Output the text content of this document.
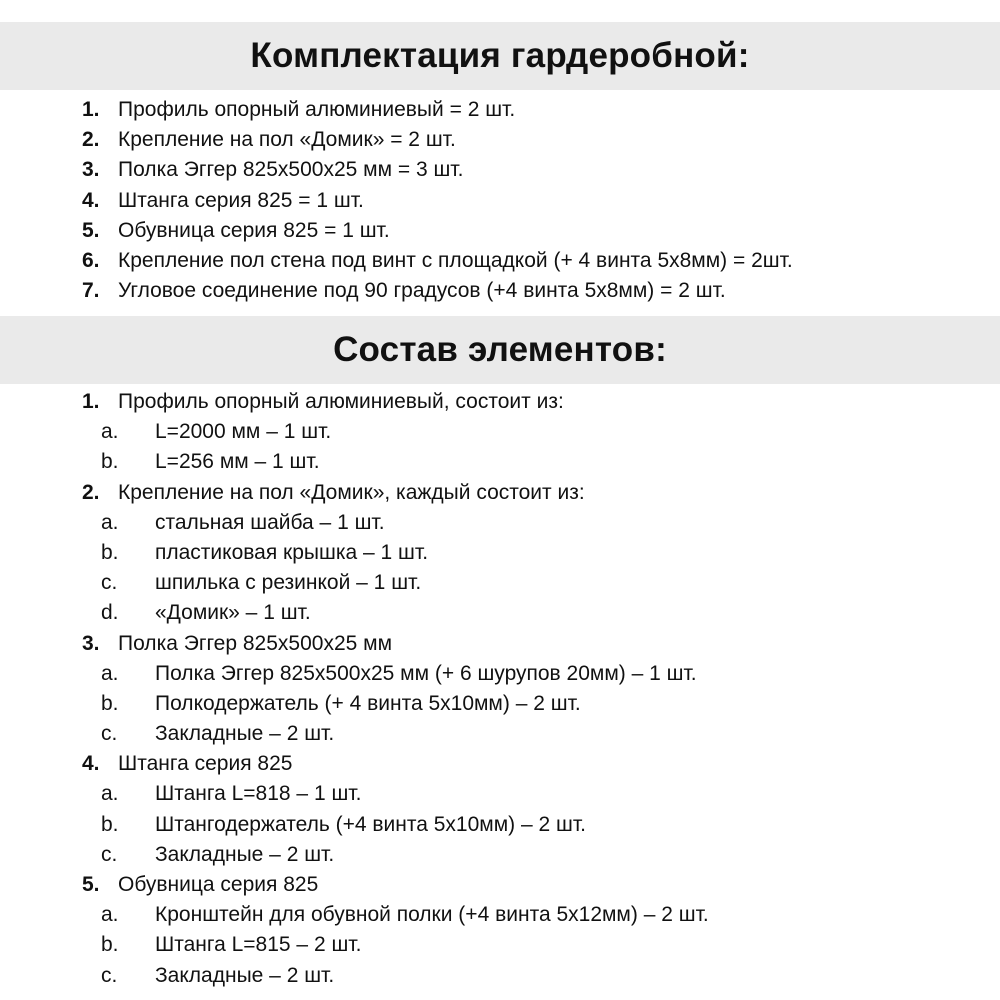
Комплектация гардеробной:
1. Профиль опорный алюминиевый = 2 шт.
2. Крепление на пол «Домик» = 2 шт.
3. Полка Эггер 825х500х25 мм = 3 шт.
4. Штанга серия 825 = 1 шт.
5. Обувница серия 825 = 1 шт.
6. Крепление пол стена под винт с площадкой (+ 4 винта 5х8мм) = 2шт.
7. Угловое соединение под 90 градусов (+4 винта 5х8мм) = 2 шт.
Состав элементов:
1. Профиль опорный алюминиевый, состоит из:
a. L=2000 мм – 1 шт.
b. L=256 мм – 1 шт.
2. Крепление на пол «Домик», каждый состоит из:
a. стальная шайба – 1 шт.
b. пластиковая крышка – 1 шт.
c. шпилька с резинкой – 1 шт.
d. «Домик» – 1 шт.
3. Полка Эггер 825х500х25 мм
a. Полка Эггер 825х500х25 мм (+ 6 шурупов 20мм) – 1 шт.
b. Полкодержатель (+ 4 винта 5х10мм) – 2 шт.
c. Закладные – 2 шт.
4. Штанга серия 825
a. Штанга L=818 – 1 шт.
b. Штангодержатель (+4 винта 5х10мм) – 2 шт.
c. Закладные – 2 шт.
5. Обувница серия 825
a. Кронштейн для обувной полки (+4 винта 5х12мм) – 2 шт.
b. Штанга L=815 – 2 шт.
c. Закладные – 2 шт.
